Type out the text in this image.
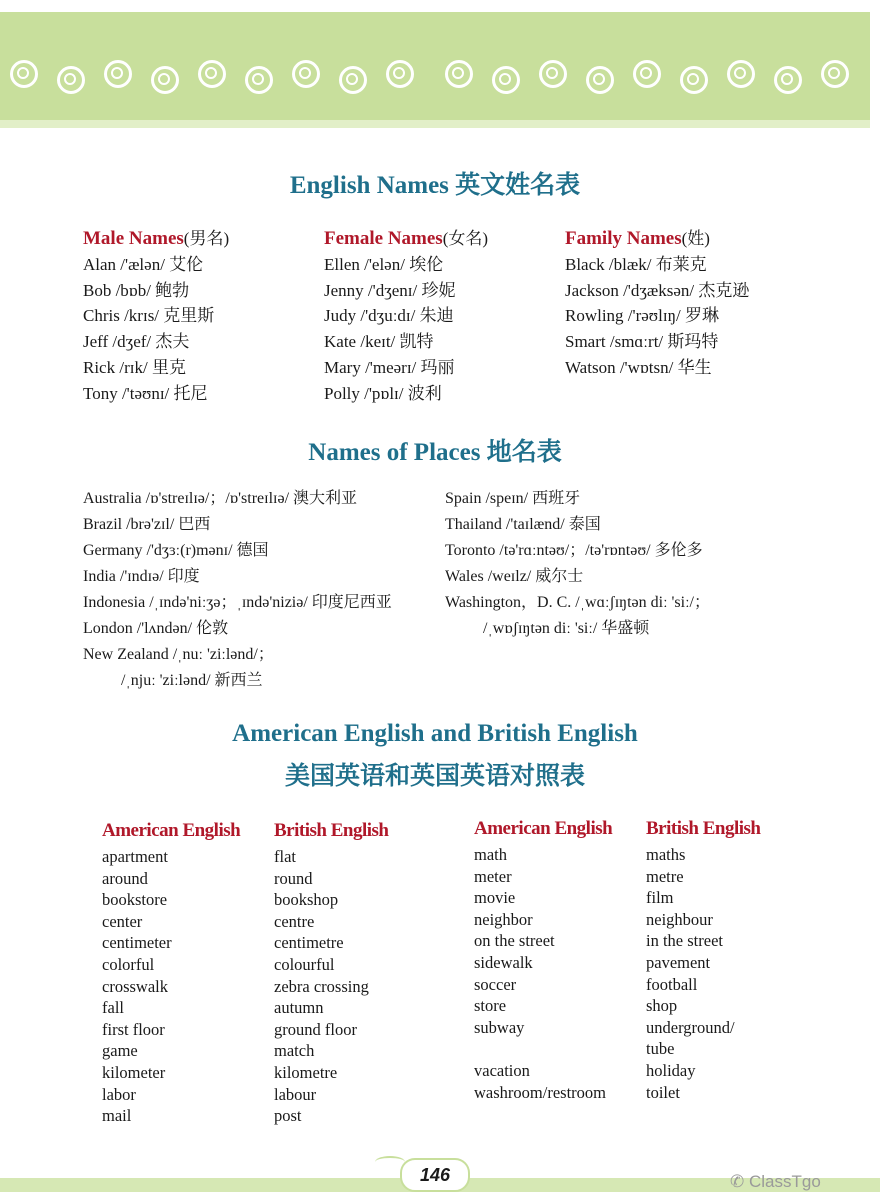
English Names 英文姓名表
Male Names(男名)
Alan /'ælən/ 艾伦
Bob /bɒb/ 鲍勃
Chris /krɪs/ 克里斯
Jeff /dʒef/ 杰夫
Rick /rɪk/ 里克
Tony /'təʊnɪ/ 托尼
Female Names(女名)
Ellen /'elən/ 埃伦
Jenny /'dʒenɪ/ 珍妮
Judy /'dʒuːdɪ/ 朱迪
Kate /keɪt/ 凯特
Mary /'meərɪ/ 玛丽
Polly /'pɒlɪ/ 波利
Family Names(姓)
Black /blæk/ 布莱克
Jackson /'dʒæksən/ 杰克逊
Rowling /'rəʊlɪŋ/ 罗琳
Smart /smɑːrt/ 斯玛特
Watson /'wɒtsn/ 华生
Names of Places 地名表
Australia /ɒ'streɪlɪə/；/ɒ'streɪlɪə/ 澳大利亚
Brazil /brə'zɪl/ 巴西
Germany /'dʒɜː(r)mənɪ/ 德国
India /'ɪndɪə/ 印度
Indonesia /ˌɪndə'niːʒə；ˌɪndə'niziə/ 印度尼西亚
London /'lʌndən/ 伦敦
New Zealand /ˌnuː 'ziːlənd/；
/ˌnjuː 'ziːlənd/ 新西兰
Spain /speɪn/ 西班牙
Thailand /'taɪlænd/ 泰国
Toronto /tə'rɑːntəʊ/；/tə'rɒntəʊ/ 多伦多
Wales /weɪlz/ 威尔士
Washington，D. C. /ˌwɑːʃɪŋtən diː 'siː/；
/ˌwɒʃɪŋtən diː 'siː/ 华盛顿
American English and British English
美国英语和英国英语对照表
American English
apartment
around
bookstore
center
centimeter
colorful
crosswalk
fall
first floor
game
kilometer
labor
mail
British English
flat
round
bookshop
centre
centimetre
colourful
zebra crossing
autumn
ground floor
match
kilometre
labour
post
American English
math
meter
movie
neighbor
on the street
sidewalk
soccer
store
subway

vacation
washroom/restroom
British English
maths
metre
film
neighbour
in the street
pavement
football
shop
underground/
tube
holiday
toilet
146	✆ ClassTgo
